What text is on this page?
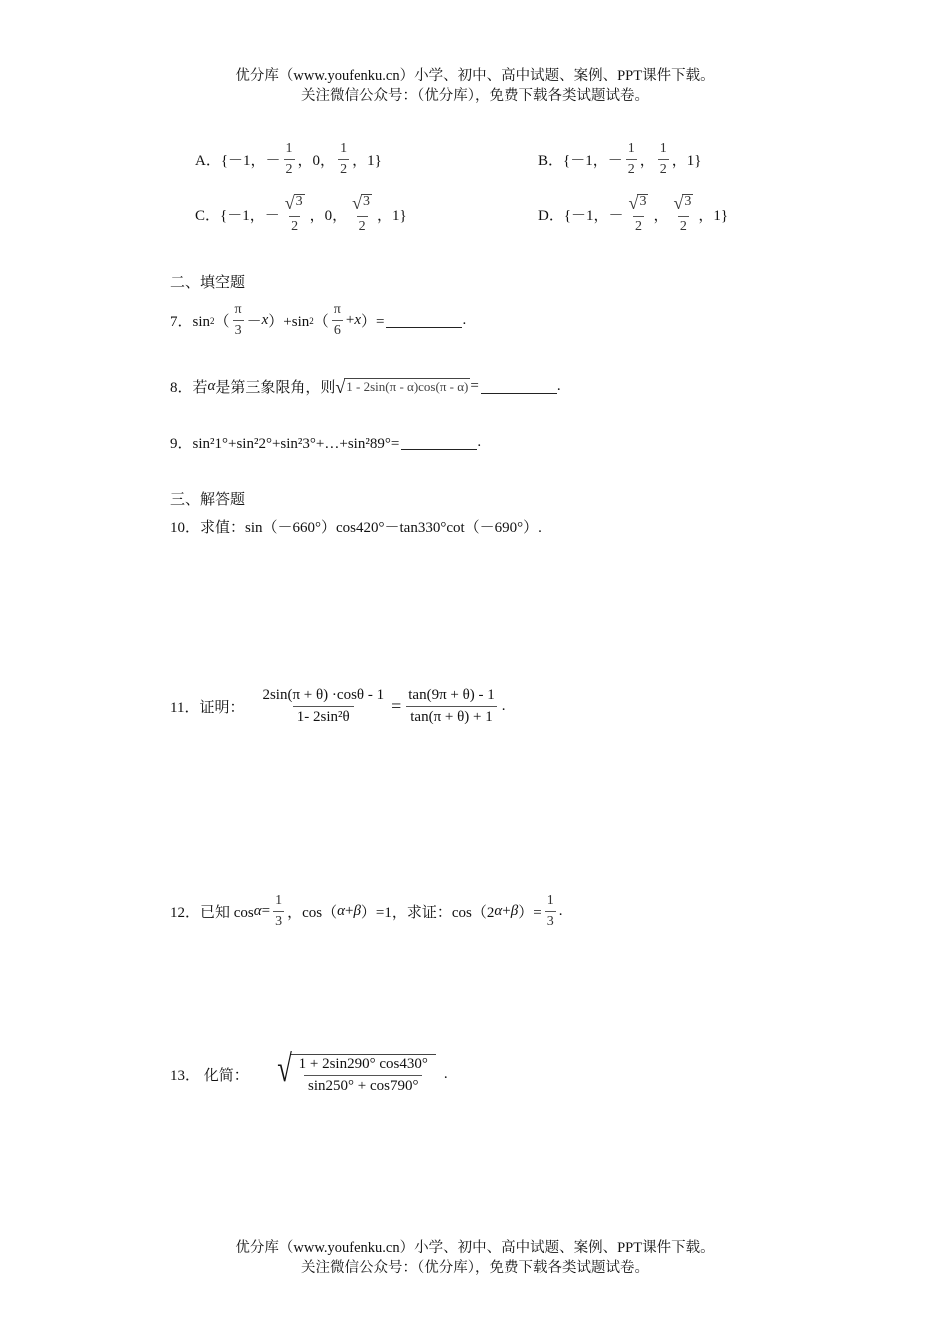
优分库（www.youfenku.cn）小学、初中、高中试题、案例、PPT课件下载。
关注微信公众号：（优分库），免费下载各类试题试卷。
A．{－1，－ $\frac{1}{2}$ ，0， $\frac{1}{2}$ ，1}	B．{－1，－ $\frac{1}{2}$ ， $\frac{1}{2}$ ，1}
C．{－1，－ $\frac{√ 3}{2}$ ，0， $\frac{√ 3}{2}$ ，1}	D．{－1，－ $\frac{√ 3}{2}$ ， $\frac{√ 3}{2}$ ，1}
二、填空题
7．sin 2 （ $\frac{\pi}{3} - x$ ）+sin 2 （ $\frac{\pi}{6} + x$ ）=	.
8．若 α 是第三象限角，则 √ 1 - 2sin(π - α)cos(π - α) =	.
9．sin²1°+sin²2°+sin²3°+…+sin²89°=	.
三、解答题
10．求值：sin（－660°）cos420°－tan330°cot（－690°）.
11．证明： $\frac{2\sin(\pi + \theta) \cdot\cos\theta - 1}{\text{1- 2sin²θ}} = \frac{\tan(9\pi + \theta) - 1}{\tan(\pi + \theta) + 1}$ .
12．已知 $\cos \alpha = \frac{1}{3}$ ，cos（ α + β ）=1，求证：cos（2 α + β ）= $\frac{1}{3}$ .
13． 化简： √ $\frac{1 + 2\sin 290^\circ \cos 430^\circ}{\sin 250^\circ + \cos 790^\circ}$ .
优分库（www.youfenku.cn）小学、初中、高中试题、案例、PPT课件下载。
关注微信公众号：（优分库），免费下载各类试题试卷。
